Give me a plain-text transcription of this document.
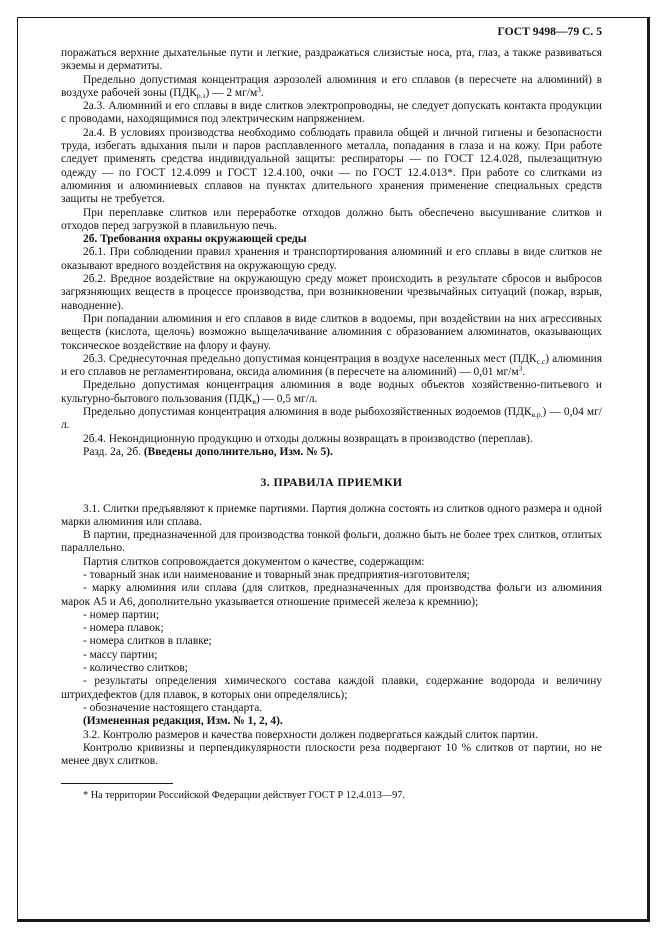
ГОСТ 9498—79 С. 5

поражаться верхние дыхательные пути и легкие, раздражаться слизистые носа, рта, глаз, а также развиваться экземы и дерматиты.

Предельно допустимая концентрация аэрозолей алюминия и его сплавов (в пересчете на алюминий) в воздухе рабочей зоны $(ПДК_{р.з})$ — 2 $мг/м^3$.

2а.3. Алюминий и его сплавы в виде слитков электропроводны, не следует допускать контакта продукции с проводами, находящимися под электрическим напряжением.

2а.4. В условиях производства необходимо соблюдать правила общей и личной гигиены и безопасности труда, избегать вдыхания пыли и паров расплавленного металла, попадания в глаза и на кожу. При работе следует применять средства индивидуальной защиты: респираторы — по ГОСТ 12.4.028, пылезащитную одежду — по ГОСТ 12.4.099 и ГОСТ 12.4.100, очки — по ГОСТ 12.4.013*. При работе со слитками из алюминия и алюминиевых сплавов на пунктах длительного хранения применение специальных средств защиты не требуется.

При переплавке слитков или переработке отходов должно быть обеспечено высушивание слитков и отходов перед загрузкой в плавильную печь.

2б. Требования охраны окружающей среды

2б.1. При соблюдении правил хранения и транспортирования алюминий и его сплавы в виде слитков не оказывают вредного воздействия на окружающую среду.

2б.2. Вредное воздействие на окружающую среду может происходить в результате сбросов и выбросов загрязняющих веществ в процессе производства, при возникновении чрезвычайных ситуаций (пожар, взрыв, наводнение).

При попадании алюминия и его сплавов в виде слитков в водоемы, при воздействии на них агрессивных веществ (кислота, щелочь) возможно выщелачивание алюминия с образованием алюминатов, оказывающих токсическое воздействие на флору и фауну.

2б.3. Среднесуточная предельно допустимая концентрация в воздухе населенных мест $(ПДК_{с.с})$ алюминия и его сплавов не регламентирована, оксида алюминия (в пересчете на алюминий) — 0,01 $мг/м^3$.

Предельно допустимая концентрация алюминия в воде водных объектов хозяйственно-питьевого и культурно-бытового пользования $(ПДК_в)$ — 0,5 мг/л.

Предельно допустимая концентрация алюминия в воде рыбохозяйственных водоемов $(ПДК_{в.р.})$ — 0,04 мг/л.

2б.4. Некондиционную продукцию и отходы должны возвращать в производство (переплав).

Разд. 2а, 2б. (Введены дополнительно, Изм. № 5).

3. ПРАВИЛА ПРИЕМКИ

3.1. Слитки предъявляют к приемке партиями. Партия должна состоять из слитков одного размера и одной марки алюминия или сплава.

В партии, предназначенной для производства тонкой фольги, должно быть не более трех слитков, отлитых параллельно.

Партия слитков сопровождается документом о качестве, содержащим:

- товарный знак или наименование и товарный знак предприятия-изготовителя;

- марку алюминия или сплава (для слитков, предназначенных для производства фольги из алюминия марок А5 и А6, дополнительно указывается отношение примесей железа к кремнию);

- номер партии;

- номера плавок;

- номера слитков в плавке;

- массу партии;

- количество слитков;

- результаты определения химического состава каждой плавки, содержание водорода и величину штрихдефектов (для плавок, в которых они определялись);

- обозначение настоящего стандарта.

(Измененная редакция, Изм. № 1, 2, 4).

3.2. Контролю размеров и качества поверхности должен подвергаться каждый слиток партии.

Контролю кривизны и перпендикулярности плоскости реза подвергают 10 % слитков от партии, но не менее двух слитков.

* На территории Российской Федерации действует ГОСТ Р 12.4.013—97.
